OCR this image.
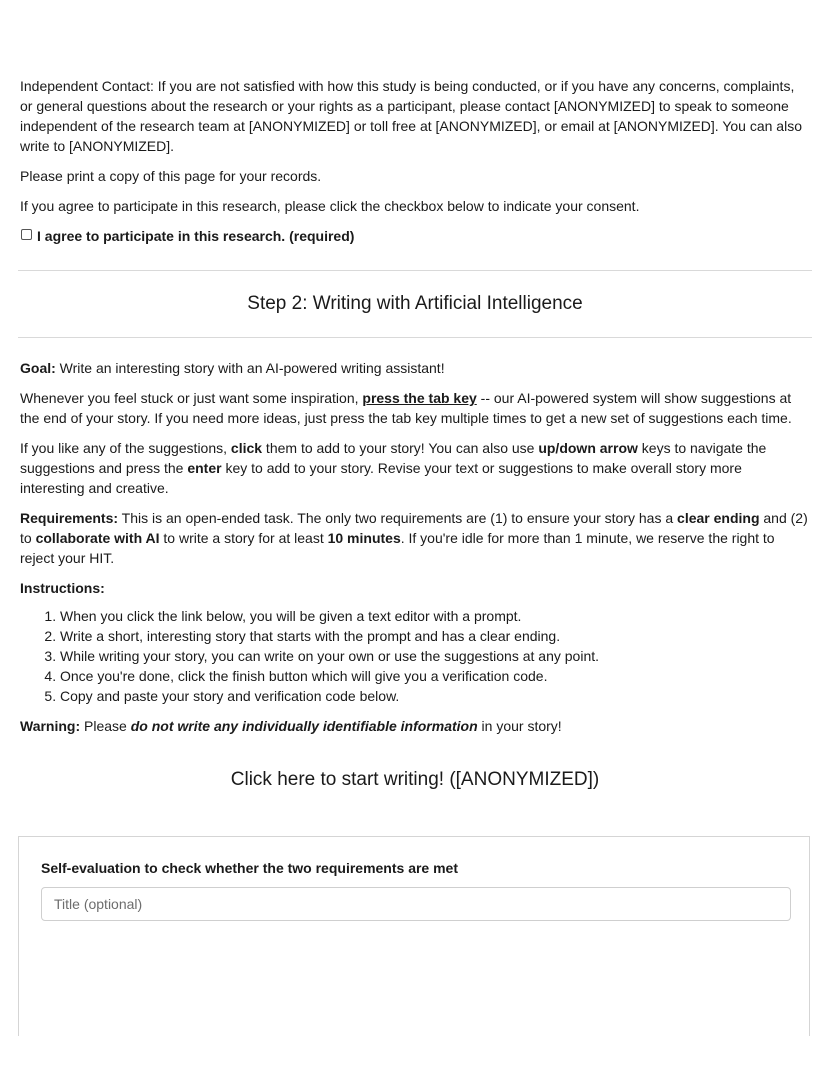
Independent Contact: If you are not satisfied with how this study is being conducted, or if you have any concerns, complaints, or general questions about the research or your rights as a participant, please contact [ANONYMIZED] to speak to someone independent of the research team at [ANONYMIZED] or toll free at [ANONYMIZED], or email at [ANONYMIZED]. You can also write to [ANONYMIZED].

Please print a copy of this page for your records.

If you agree to participate in this research, please click the checkbox below to indicate your consent.

I agree to participate in this research. (required)
Step 2: Writing with Artificial Intelligence

Goal: Write an interesting story with an AI-powered writing assistant!

Whenever you feel stuck or just want some inspiration, press the tab key -- our AI-powered system will show suggestions at the end of your story. If you need more ideas, just press the tab key multiple times to get a new set of suggestions each time.

If you like any of the suggestions, click them to add to your story! You can also use up/down arrow keys to navigate the suggestions and press the enter key to add to your story. Revise your text or suggestions to make overall story more interesting and creative.

Requirements: This is an open-ended task. The only two requirements are (1) to ensure your story has a clear ending and (2) to collaborate with AI to write a story for at least 10 minutes. If you're idle for more than 1 minute, we reserve the right to reject your HIT.

Instructions:

1. When you click the link below, you will be given a text editor with a prompt.
2. Write a short, interesting story that starts with the prompt and has a clear ending.
3. While writing your story, you can write on your own or use the suggestions at any point.
4. Once you're done, click the finish button which will give you a verification code.
5. Copy and paste your story and verification code below.

Warning: Please do not write any individually identifiable information in your story!

Click here to start writing! ([ANONYMIZED])
Self-evaluation to check whether the two requirements are met
Title (optional)
